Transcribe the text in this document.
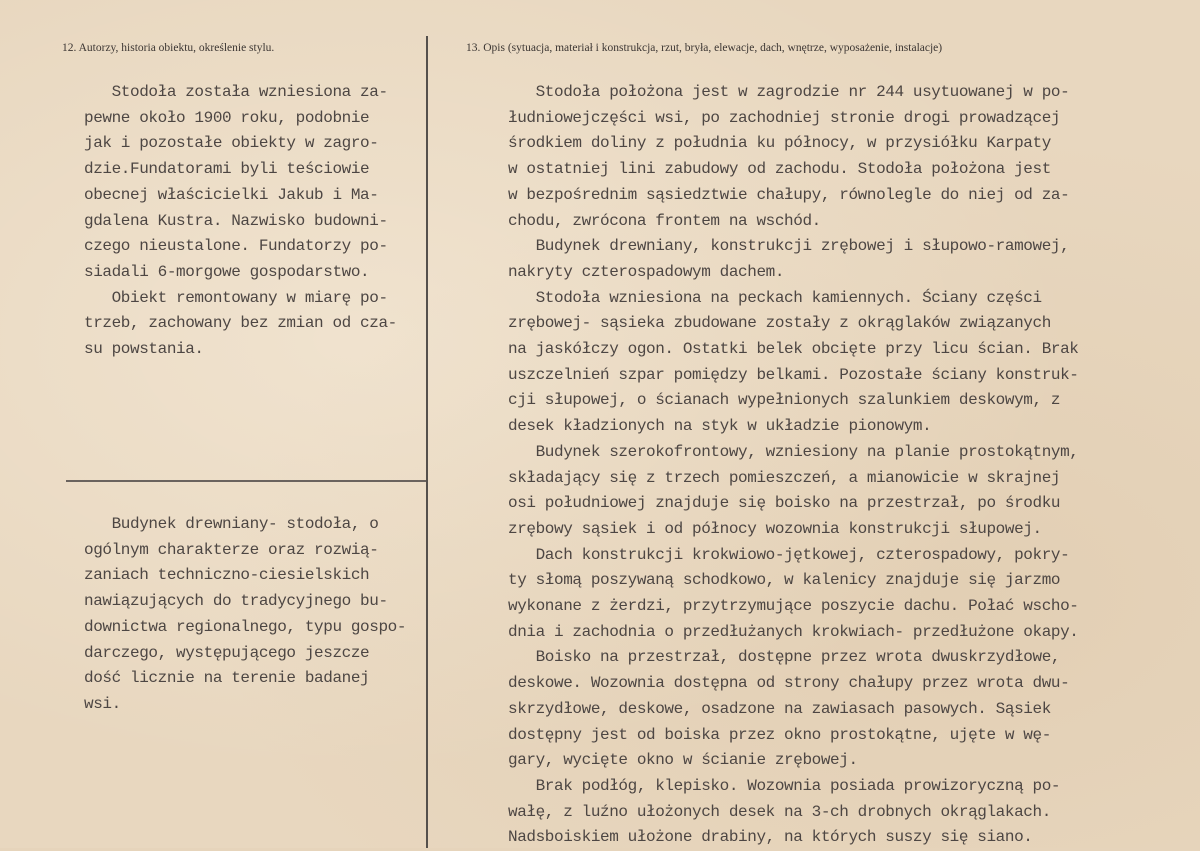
12. Autorzy, historia obiektu, określenie stylu.	13. Opis (sytuacja, materiał i konstrukcja, rzut, bryła, elewacje, dach, wnętrze, wyposażenie, instalacje)
Stodoła została wzniesiona za-
pewne około 1900 roku, podobnie
jak i pozostałe obiekty w zagro-
dzie.Fundatorami byli teściowie
obecnej właścicielki Jakub i Ma-
gdalena Kustra. Nazwisko budowni-
czego nieustalone. Fundatorzy po-
siadali 6-morgowe gospodarstwo.
Obiekt remontowany w miarę po-
trzeb, zachowany bez zmian od cza-
su powstania.
Budynek drewniany- stodoła, o
ogólnym charakterze oraz rozwią-
zaniach techniczno-ciesielskich
nawiązujących do tradycyjnego bu-
downictwa regionalnego, typu gospo-
darczego, występującego jeszcze
dość licznie na terenie badanej
wsi.
Stodoła położona jest w zagrodzie nr 244 usytuowanej w po-
łudniowejczęści wsi, po zachodniej stronie drogi prowadzącej
środkiem doliny z południa ku północy, w przysiółku Karpaty
w ostatniej lini zabudowy od zachodu. Stodoła położona jest
w bezpośrednim sąsiedztwie chałupy, równolegle do niej od za-
chodu, zwrócona frontem na wschód.
Budynek drewniany, konstrukcji zrębowej i słupowo-ramowej,
nakryty czterospadowym dachem.
Stodoła wzniesiona na peckach kamiennych. Ściany części
zrębowej- sąsieka zbudowane zostały z okrąglaków związanych
na jaskółczy ogon. Ostatki belek obcięte przy licu ścian. Brak
uszczelnień szpar pomiędzy belkami. Pozostałe ściany konstruk-
cji słupowej, o ścianach wypełnionych szalunkiem deskowym, z
desek kładzionych na styk w układzie pionowym.
Budynek szerokofrontowy, wzniesiony na planie prostokątnym,
składający się z trzech pomieszczeń, a mianowicie w skrajnej
osi południowej znajduje się boisko na przestrzał, po środku
zrębowy sąsiek i od północy wozownia konstrukcji słupowej.
Dach konstrukcji krokwiowo-jętkowej, czterospadowy, pokry-
ty słomą poszywaną schodkowo, w kalenicy znajduje się jarzmo
wykonane z żerdzi, przytrzymujące poszycie dachu. Połać wscho-
dnia i zachodnia o przedłużanych krokwiach- przedłużone okapy.
Boisko na przestrzał, dostępne przez wrota dwuskrzydłowe,
deskowe. Wozownia dostępna od strony chałupy przez wrota dwu-
skrzydłowe, deskowe, osadzone na zawiasach pasowych. Sąsiek
dostępny jest od boiska przez okno prostokątne, ujęte w wę-
gary, wycięte okno w ścianie zrębowej.
Brak podłóg, klepisko. Wozownia posiada prowizoryczną po-
wałę, z luźno ułożonych desek na 3-ch drobnych okrąglakach.
Nadsboiskiem ułożone drabiny, na których suszy się siano.
